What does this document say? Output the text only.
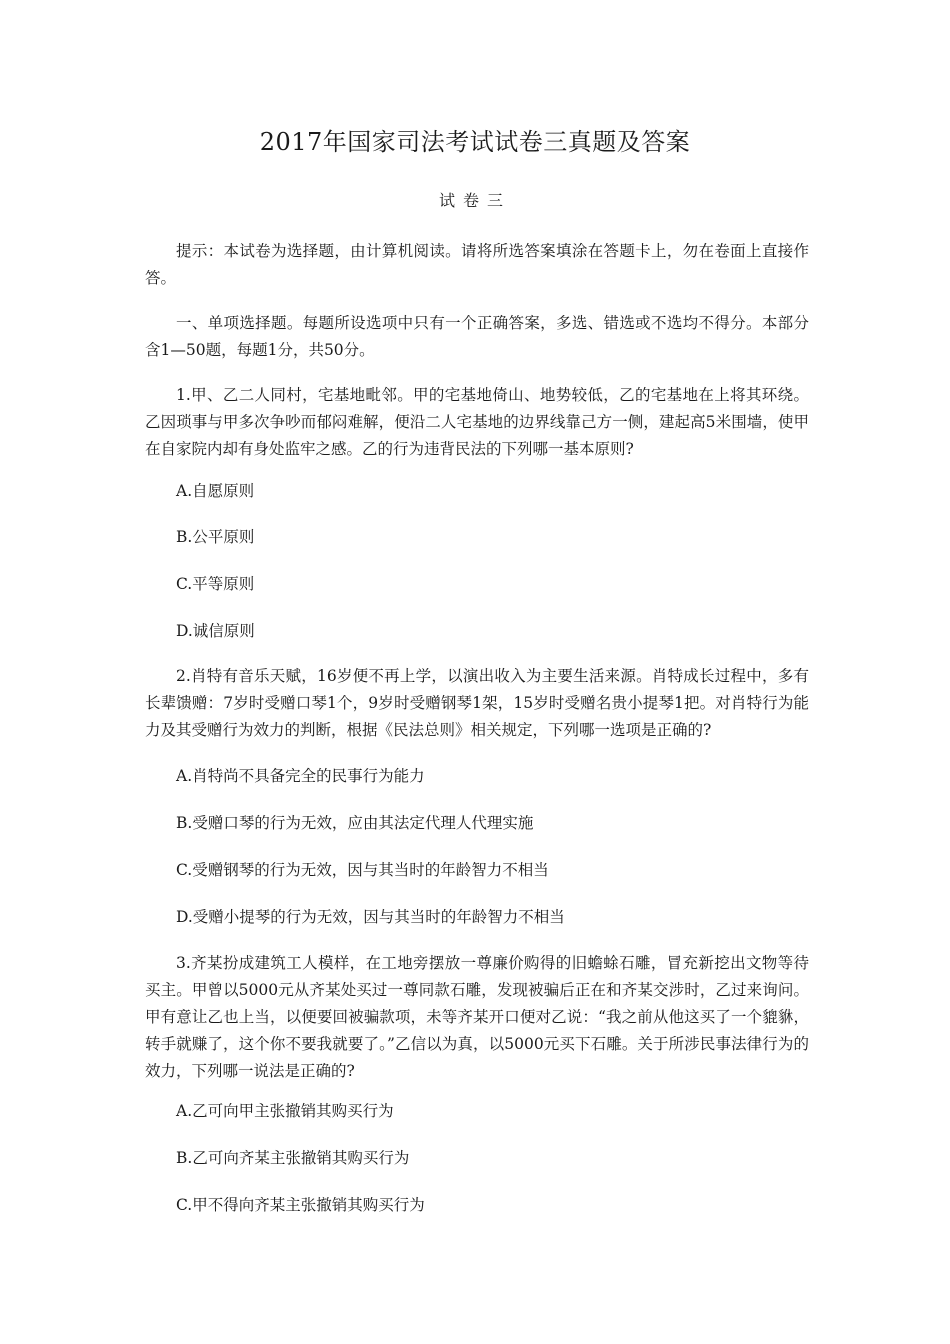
2017年国家司法考试试卷三真题及答案
试卷三

提示：本试卷为选择题，由计算机阅读。请将所选答案填涂在答题卡上，勿在卷面上直接作答。

一、单项选择题。每题所设选项中只有一个正确答案，多选、错选或不选均不得分。本部分含1—50题，每题1分，共50分。

1.甲、乙二人同村，宅基地毗邻。甲的宅基地倚山、地势较低，乙的宅基地在上将其环绕。乙因琐事与甲多次争吵而郁闷难解，便沿二人宅基地的边界线靠己方一侧，建起高5米围墙，使甲在自家院内却有身处监牢之感。乙的行为违背民法的下列哪一基本原则?

A.自愿原则

B.公平原则

C.平等原则

D.诚信原则

2.肖特有音乐天赋，16岁便不再上学，以演出收入为主要生活来源。肖特成长过程中，多有长辈馈赠：7岁时受赠口琴1个，9岁时受赠钢琴1架，15岁时受赠名贵小提琴1把。对肖特行为能力及其受赠行为效力的判断，根据《民法总则》相关规定，下列哪一选项是正确的?

A.肖特尚不具备完全的民事行为能力

B.受赠口琴的行为无效，应由其法定代理人代理实施

C.受赠钢琴的行为无效，因与其当时的年龄智力不相当

D.受赠小提琴的行为无效，因与其当时的年龄智力不相当

3.齐某扮成建筑工人模样，在工地旁摆放一尊廉价购得的旧蟾蜍石雕，冒充新挖出文物等待买主。甲曾以5000元从齐某处买过一尊同款石雕，发现被骗后正在和齐某交涉时，乙过来询问。甲有意让乙也上当，以便要回被骗款项，未等齐某开口便对乙说：“我之前从他这买了一个貔貅，转手就赚了，这个你不要我就要了。”乙信以为真，以5000元买下石雕。关于所涉民事法律行为的效力，下列哪一说法是正确的?

A.乙可向甲主张撤销其购买行为

B.乙可向齐某主张撤销其购买行为

C.甲不得向齐某主张撤销其购买行为
